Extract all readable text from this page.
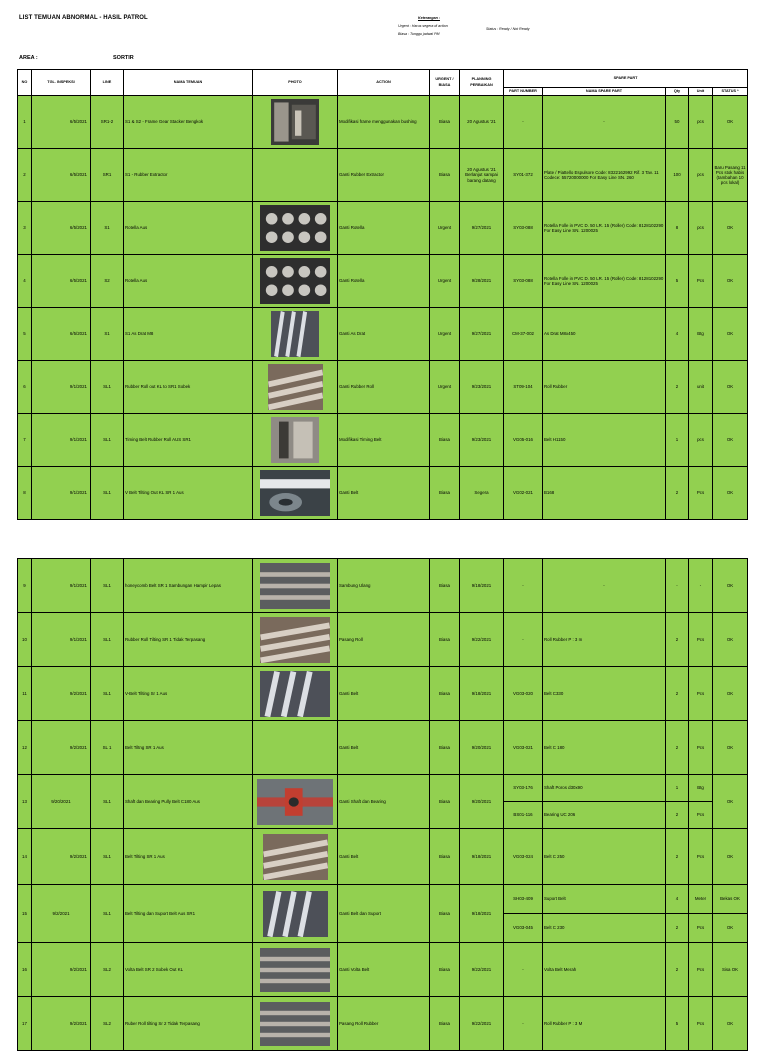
LIST TEMUAN ABNORMAL - HASIL PATROL	Keterangan :
Urgent : Harus segera di action
Biasa : Tunggu jadwal PM
Status : Ready / Not Ready
AREA :	SORTIR
NO	TGL. INSPEKSI	LINE	NAMA TEMUAN	PHOTO	ACTION	URGENT / BIASA	PLANNING PERBAIKAN	SPARE PART				
								PART NUMBER	NAMA SPARE PART	Qty	Unit	STATUS *
1	6/5/2021	SR1-2	S1 & S2 - Frame Gear Stacker Bengkok		Modifikasi frame menggunakan bushing	Biasa	20 Agustus '21	-	-	50	pcs	OK
2	6/5/2021	SR1	S1 - Rubber Extractor		Ganti Rubber Extractor	Biasa	20 Agustus '21 Berlanjut sampai barang datang	SY01-372	Plate / Piattello Espulsore Code: 8322162992 Rif. 3 Tav. 11 Codece: 55720000000 For Easy Line SN. 260	100	pcs	Baru Pasang 11 Pcs stok habis (tambahan 10 pcs lokal)
3	6/5/2021	S1	Rotella Aus		Ganti Rotella	Urgent	9/27/2021	SY03-088	Rotella Folle in PVC D. 50 LR. 15 (Roller) Code: 8128102290 For Easy Line SN. 1200025	8	pcs	OK
4	6/5/2021	S2	Rotella Aus		Ganti Rotella	Urgent	9/28/2021	SY03-088	Rotella Folle in PVC D. 50 LR. 15 (Roller) Code: 8128102290 For Easy Line SN. 1200025	5	Pcs	OK
5	6/5/2021	S1	S1 As Drat M8		Ganti As Drat	Urgent	9/27/2021	CM-37-002	As Drat M8x450	4	Btg	OK
6	9/1/2021	SL1	Rubber Roll out KL to SR1 Sobek		Ganti Rubber Roll	Urgent	9/23/2021	ST09-104	Roll Rubber	2	unit	OK
7	9/1/2021	SL1	Timing Belt Rubber Roll AUS SR1		Modifikasi Timing Belt	Biasa	9/23/2021	VG05-016	Belt H1150	1	pcs	OK
8	9/1/2021	SL1	V Belt Tilting Out KL SR 1 Aus		Ganti Belt	Biasa	Segera	VG02-021	B168	2	Pcs	OK
9	9/1/2021	SL1	honeycomb Belt SR 1 Sambungan Hampir Lepas		Sambung Ulang	Biasa	9/18/2021	-	-	-	-	OK
10	9/1/2021	SL1	Rubber Roll Tilting SR 1 Tidak Terpasang		Pasang Roll	Biasa	9/22/2021	-	Roll Rubber P : 3 m	2	Pcs	OK
11	9/2/2021	SL1	V-Belt Tilting Sr 1 Aus		Ganti Belt	Biasa	9/18/2021	VG03-020	Belt C330	2	Pcs	OK
12	9/2/2021	SL 1	Belt Tiltng SR 1 Aus		Ganti Belt	Biasa	9/20/2021	VG03-021	Belt C 180	2	Pcs	OK
13	9/20/2021	SL1	Shaft dan Bearing Pully Belt C180 Aus		Ganti Shaft dan Bearing	Biasa	9/20/2021	SY03-176	Shaft Poros d30x90	1	Btg	OK
								BS01-116	Bearing UC 206	2	Pcs	
14	9/2/2021	SL1	Belt Tilting SR 1 Aus		Ganti Belt	Biasa	9/18/2021	VG03-024	Belt C 250	2	Pcs	OK
15	9/2/2021	SL1	Belt Tilting dan Suport Belt Aus SR1		Ganti Belt dan Suport	Biasa	9/18/2021	SH03-409	Suport Belt	4	Meter	Bekas OK
								VG03-045	Belt C 230	2	Pcs	OK
16	9/2/2021	SL2	Volta Belt SR 2 Sobek Out KL		Ganti Volta Belt	Biasa	9/22/2021	-	Volta Belt Merah	2	Pcs	Sisa OK
17	9/2/2021	SL2	Ruber Roll tilting Sr 2 Tidak Terpasang		Pasang Roll Rubber	Biasa	9/22/2021	-	Roll Rubber P : 3 M	5	Pcs	OK
